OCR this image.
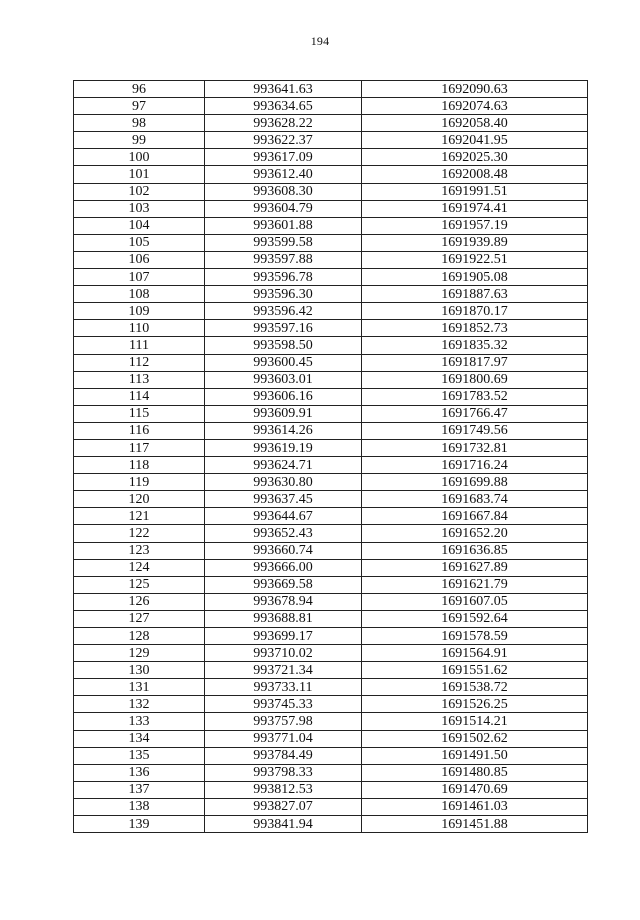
194
96	993641.63	1692090.63
97	993634.65	1692074.63
98	993628.22	1692058.40
99	993622.37	1692041.95
100	993617.09	1692025.30
101	993612.40	1692008.48
102	993608.30	1691991.51
103	993604.79	1691974.41
104	993601.88	1691957.19
105	993599.58	1691939.89
106	993597.88	1691922.51
107	993596.78	1691905.08
108	993596.30	1691887.63
109	993596.42	1691870.17
110	993597.16	1691852.73
111	993598.50	1691835.32
112	993600.45	1691817.97
113	993603.01	1691800.69
114	993606.16	1691783.52
115	993609.91	1691766.47
116	993614.26	1691749.56
117	993619.19	1691732.81
118	993624.71	1691716.24
119	993630.80	1691699.88
120	993637.45	1691683.74
121	993644.67	1691667.84
122	993652.43	1691652.20
123	993660.74	1691636.85
124	993666.00	1691627.89
125	993669.58	1691621.79
126	993678.94	1691607.05
127	993688.81	1691592.64
128	993699.17	1691578.59
129	993710.02	1691564.91
130	993721.34	1691551.62
131	993733.11	1691538.72
132	993745.33	1691526.25
133	993757.98	1691514.21
134	993771.04	1691502.62
135	993784.49	1691491.50
136	993798.33	1691480.85
137	993812.53	1691470.69
138	993827.07	1691461.03
139	993841.94	1691451.88
